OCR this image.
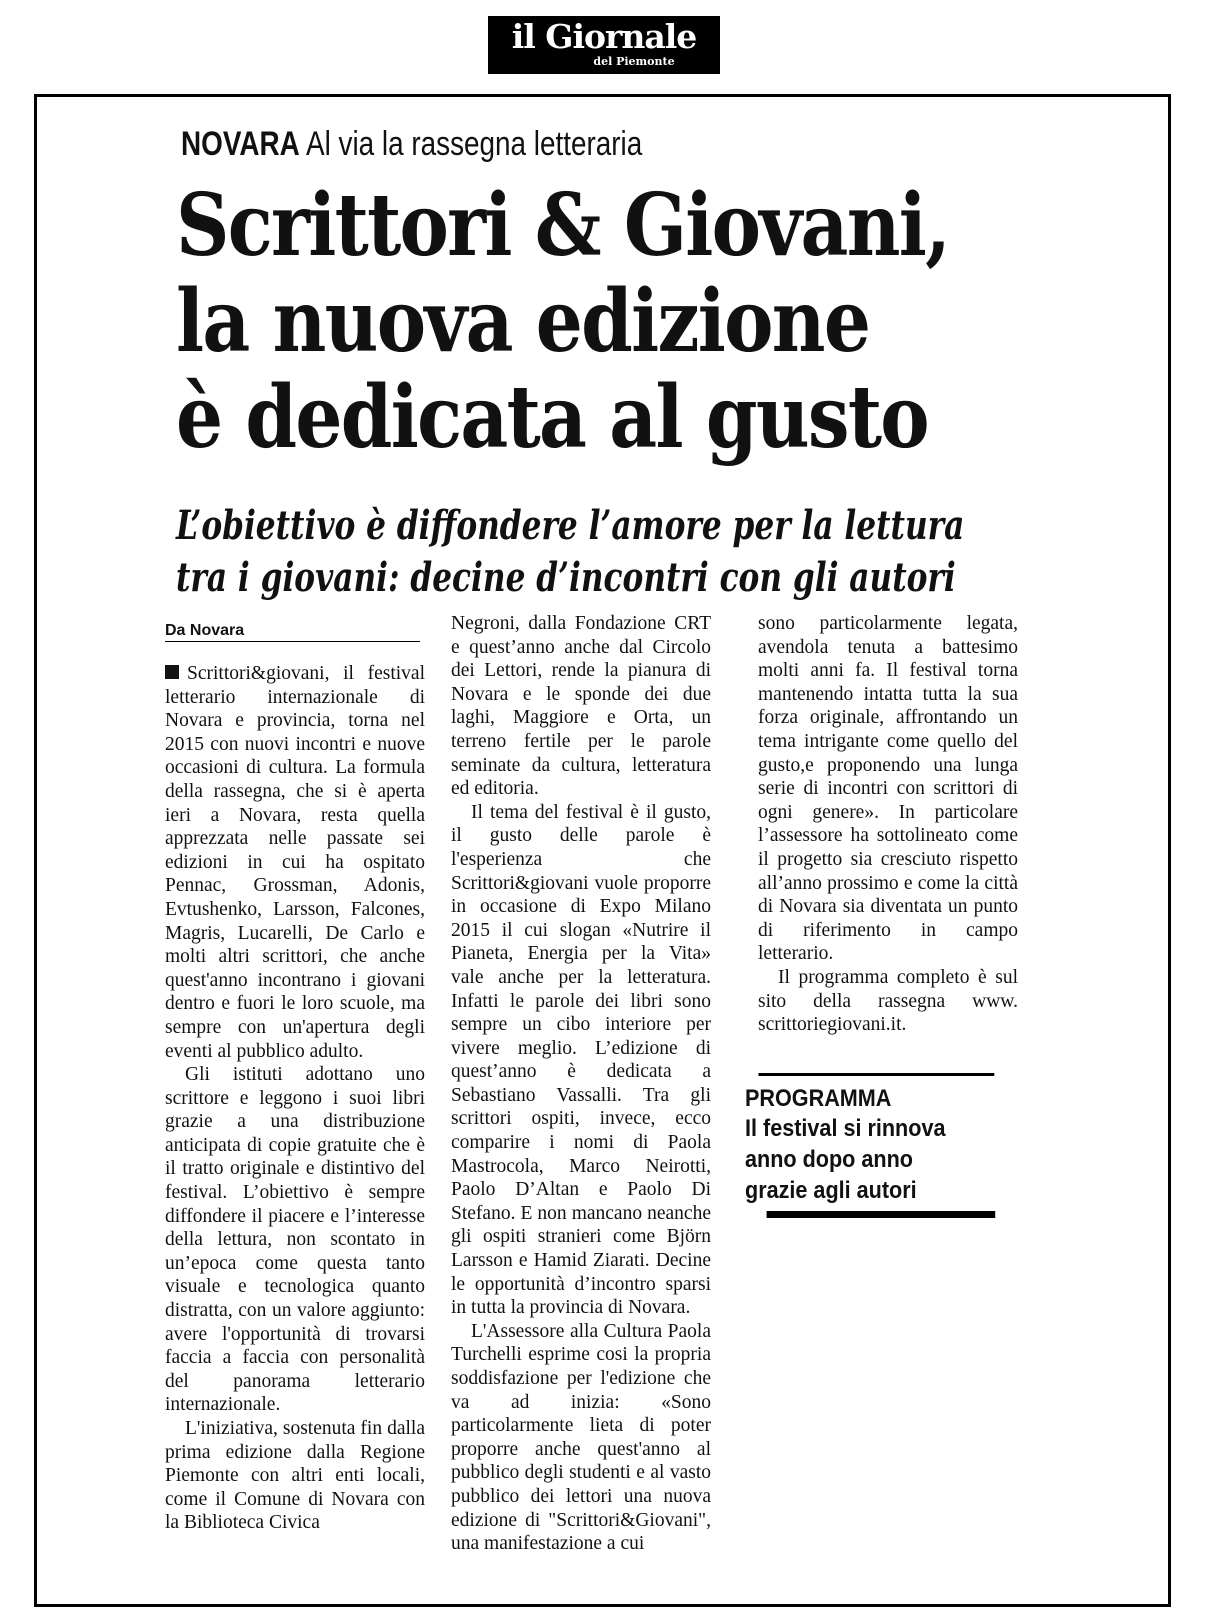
il Giornale
del Piemonte
NOVARA Al via la rassegna letteraria
Scrittori & Giovani,
la nuova edizione
è dedicata al gusto
L’obiettivo è diffondere l’amore per la lettura
tra i giovani: decine d’incontri con gli autori
Da Novara

Scrittori&giovani, il festival letterario internazionale di Novara e provincia, torna nel 2015 con nuovi incontri e nuove occasioni di cultura. La formula della rassegna, che si è aperta ieri a Novara, resta quella apprezzata nelle passate sei edizioni in cui ha ospitato Pennac, Grossman, Adonis, Evtushenko, Larsson, Falcones, Magris, Lucarelli, De Carlo e molti altri scrittori, che anche quest'anno incontrano i giovani dentro e fuori le loro scuole, ma sempre con un'apertura degli eventi al pubblico adulto.

Gli istituti adottano uno scrittore e leggono i suoi libri grazie a una distribuzione anticipata di copie gratuite che è il tratto originale e distintivo del festival. L’obiettivo è sempre diffondere il piacere e l’interesse della lettura, non scontato in un’epoca come questa tanto visuale e tecnologica quanto distratta, con un valore aggiunto: avere l'opportunità di trovarsi faccia a faccia con personalità del panorama letterario internazionale.

L'iniziativa, sostenuta fin dalla prima edizione dalla Regione Piemonte con altri enti locali, come il Comune di Novara con la Biblioteca Civica

Negroni, dalla Fondazione CRT e quest’anno anche dal Circolo dei Lettori, rende la pianura di Novara e le sponde dei due laghi, Maggiore e Orta, un terreno fertile per le parole seminate da cultura, letteratura ed editoria.

Il tema del festival è il gusto, il gusto delle parole è l'esperienza che Scrittori&giovani vuole proporre in occasione di Expo Milano 2015 il cui slogan «Nutrire il Pianeta, Energia per la Vita» vale anche per la letteratura. Infatti le parole dei libri sono sempre un cibo interiore per vivere meglio. L’edizione di quest’anno è dedicata a Sebastiano Vassalli. Tra gli scrittori ospiti, invece, ecco comparire i nomi di Paola Mastrocola, Marco Neirotti, Paolo D’Altan e Paolo Di Stefano. E non mancano neanche gli ospiti stranieri come Björn Larsson e Hamid Ziarati. Decine le opportunità d’incontro sparsi in tutta la provincia di Novara.

L'Assessore alla Cultura Paola Turchelli esprime cosi la propria soddisfazione per l'edizione che va ad inizia: «Sono particolarmente lieta di poter proporre anche quest'anno al pubblico degli studenti e al vasto pubblico dei lettori una nuova edizione di "Scrittori&Giovani", una manifestazione a cui

sono particolarmente legata, avendola tenuta a battesimo molti anni fa. Il festival torna mantenendo intatta tutta la sua forza originale, affrontando un tema intrigante come quello del gusto,e proponendo una lunga serie di incontri con scrittori di ogni genere». In particolare l’assessore ha sottolineato come il progetto sia cresciuto rispetto all’anno prossimo e come la città di Novara sia diventata un punto di riferimento in campo letterario.

Il programma completo è sul sito della rassegna www. scrittoriegiovani.it.

PROGRAMMA
Il festival si rinnova
anno dopo anno
grazie agli autori
